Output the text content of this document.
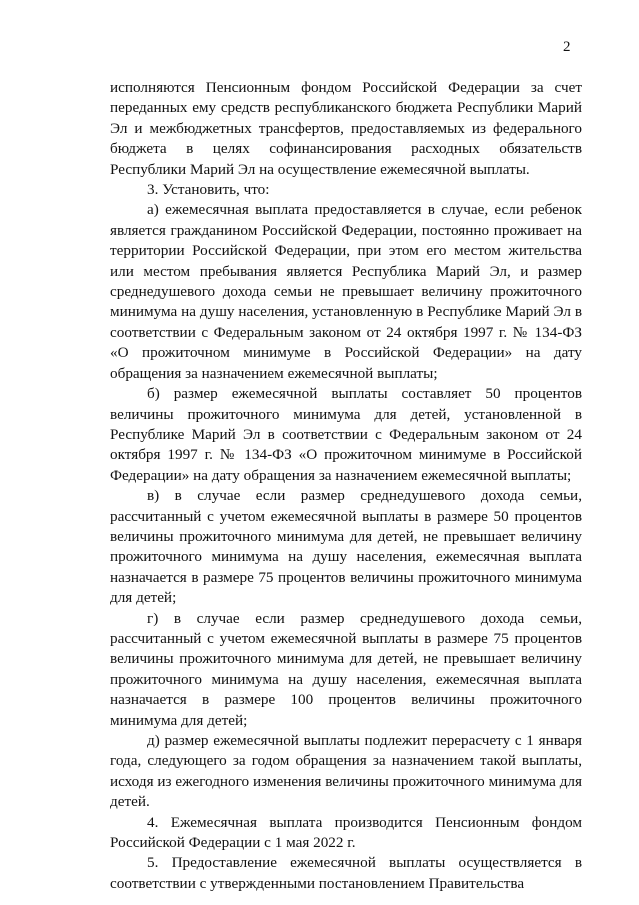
2

исполняются Пенсионным фондом Российской Федерации за счет переданных ему средств республиканского бюджета Республики Марий Эл и межбюджетных трансфертов, предоставляемых из федерального бюджета в целях софинансирования расходных обязательств Республики Марий Эл на осуществление ежемесячной выплаты.

3. Установить, что:

а) ежемесячная выплата предоставляется в случае, если ребенок является гражданином Российской Федерации, постоянно проживает на территории Российской Федерации, при этом его местом жительства или местом пребывания является Республика Марий Эл, и размер среднедушевого дохода семьи не превышает величину прожиточного минимума на душу населения, установленную в Республике Марий Эл в соответствии с Федеральным законом от 24 октября 1997 г. № 134-ФЗ «О прожиточном минимуме в Российской Федерации» на дату обращения за назначением ежемесячной выплаты;

б) размер ежемесячной выплаты составляет 50 процентов величины прожиточного минимума для детей, установленной в Республике Марий Эл в соответствии с Федеральным законом от 24 октября 1997 г. № 134-ФЗ «О прожиточном минимуме в Российской Федерации» на дату обращения за назначением ежемесячной выплаты;

в) в случае если размер среднедушевого дохода семьи, рассчитанный с учетом ежемесячной выплаты в размере 50 процентов величины прожиточного минимума для детей, не превышает величину прожиточного минимума на душу населения, ежемесячная выплата назначается в размере 75 процентов величины прожиточного минимума для детей;

г) в случае если размер среднедушевого дохода семьи, рассчитанный с учетом ежемесячной выплаты в размере 75 процентов величины прожиточного минимума для детей, не превышает величину прожиточного минимума на душу населения, ежемесячная выплата назначается в размере 100 процентов величины прожиточного минимума для детей;

д) размер ежемесячной выплаты подлежит перерасчету с 1 января года, следующего за годом обращения за назначением такой выплаты, исходя из ежегодного изменения величины прожиточного минимума для детей.

4. Ежемесячная выплата производится Пенсионным фондом Российской Федерации с 1 мая 2022 г.

5. Предоставление ежемесячной выплаты осуществляется в соответствии с утвержденными постановлением Правительства
